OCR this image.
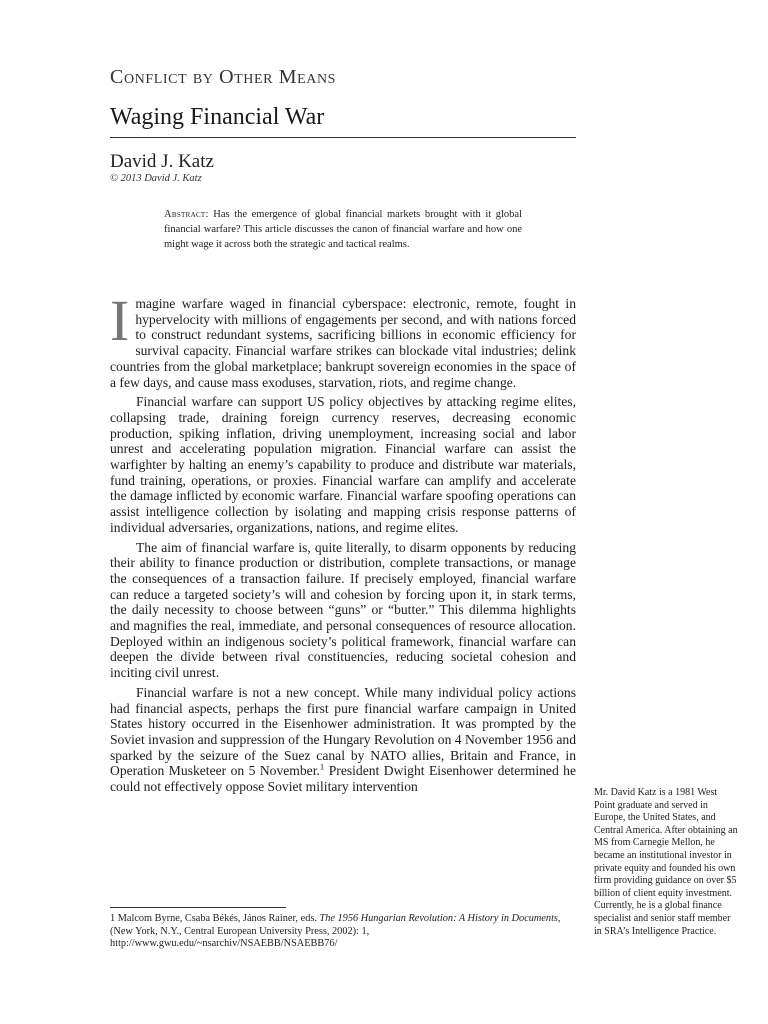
Conflict by Other Means
Waging Financial War
David J. Katz
© 2013 David J. Katz
Abstract: Has the emergence of global financial markets brought with it global financial warfare? This article discusses the canon of financial warfare and how one might wage it across both the strategic and tactical realms.

Imagine warfare waged in financial cyberspace: electronic, remote, fought in hypervelocity with millions of engagements per second, and with nations forced to construct redundant systems, sacrificing billions in economic efficiency for survival capacity. Financial warfare strikes can blockade vital industries; delink countries from the global marketplace; bankrupt sovereign economies in the space of a few days, and cause mass exoduses, starvation, riots, and regime change.

Financial warfare can support US policy objectives by attacking regime elites, collapsing trade, draining foreign currency reserves, decreasing economic production, spiking inflation, driving unemployment, increasing social and labor unrest and accelerating population migration. Financial warfare can assist the warfighter by halting an enemy’s capability to produce and distribute war materials, fund training, operations, or proxies. Financial warfare can amplify and accelerate the damage inflicted by economic warfare. Financial warfare spoofing operations can assist intelligence collection by isolating and mapping crisis response patterns of individual adversaries, organizations, nations, and regime elites.

The aim of financial warfare is, quite literally, to disarm opponents by reducing their ability to finance production or distribution, complete transactions, or manage the consequences of a transaction failure. If precisely employed, financial warfare can reduce a targeted society’s will and cohesion by forcing upon it, in stark terms, the daily necessity to choose between “guns” or “butter.” This dilemma highlights and magnifies the real, immediate, and personal consequences of resource allocation. Deployed within an indigenous society’s political framework, financial warfare can deepen the divide between rival constituencies, reducing societal cohesion and inciting civil unrest.

Financial warfare is not a new concept. While many individual policy actions had financial aspects, perhaps the first pure financial warfare campaign in United States history occurred in the Eisenhower administration. It was prompted by the Soviet invasion and suppression of the Hungary Revolution on 4 November 1956 and sparked by the seizure of the Suez canal by NATO allies, Britain and France, in Operation Musketeer on 5 November.$^1$ President Dwight Eisenhower determined he could not effectively oppose Soviet military intervention	Mr. David Katz is a 1981 West Point graduate and served in Europe, the United States, and Central America. After obtaining an MS from Carnegie Mellon, he became an institutional investor in private equity and founded his own firm providing guidance on over $5 billion of client equity investment. Currently, he is a global finance specialist and senior staff member in SRA’s Intelligence Practice.
1 Malcom Byrne, Csaba Békés, János Rainer, eds. The 1956 Hungarian Revolution: A History in Documents, (New York, N.Y., Central European University Press, 2002): 1, http://www.gwu.edu/~nsarchiv/NSAEBB/NSAEBB76/
